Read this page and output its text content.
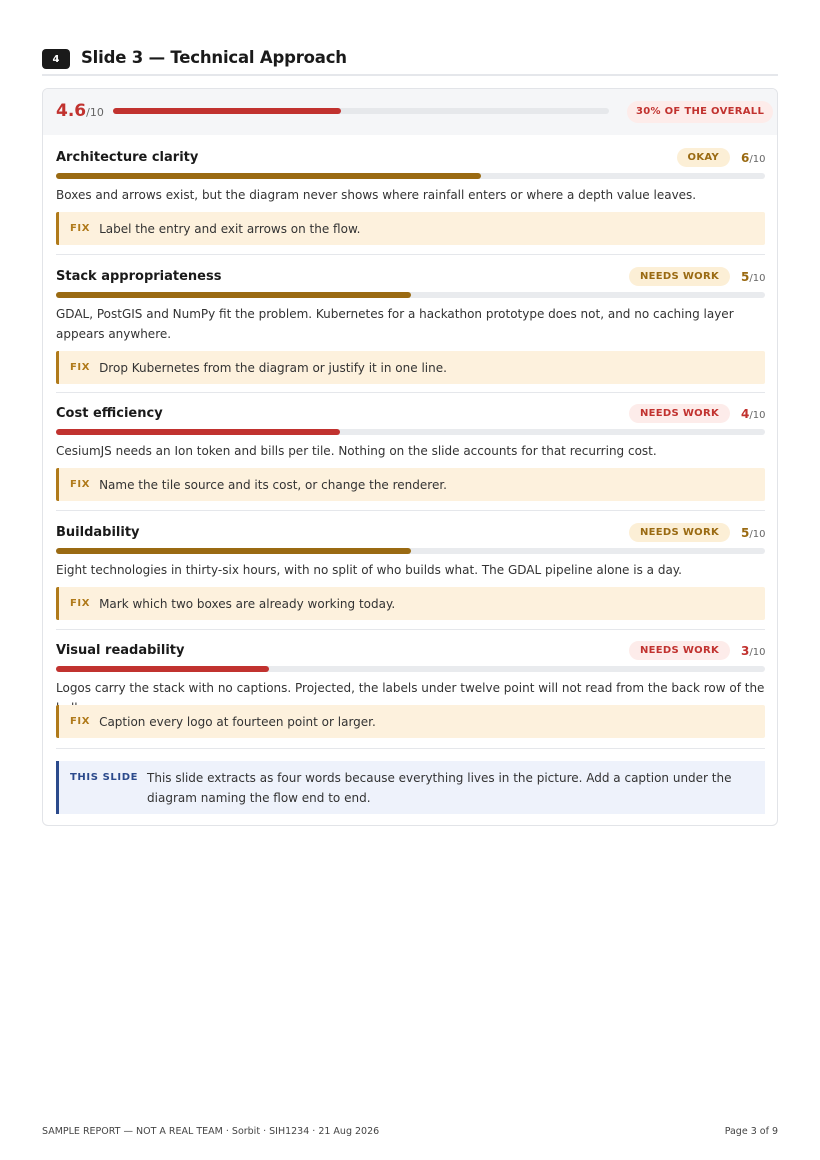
4	Slide 3 — Technical Approach
4.6/10	30% OF THE OVERALL
Architecture clarity	OKAY	6/10
Boxes and arrows exist, but the diagram never shows where rainfall enters or where a depth value leaves.
FIX Label the entry and exit arrows on the flow.
Stack appropriateness	NEEDS WORK	5/10
GDAL, PostGIS and NumPy fit the problem. Kubernetes for a hackathon prototype does not, and no caching layer appears anywhere.
FIX Drop Kubernetes from the diagram or justify it in one line.
Cost efficiency	NEEDS WORK	4/10
CesiumJS needs an Ion token and bills per tile. Nothing on the slide accounts for that recurring cost.
FIX Name the tile source and its cost, or change the renderer.
Buildability	NEEDS WORK	5/10
Eight technologies in thirty-six hours, with no split of who builds what. The GDAL pipeline alone is a day.
FIX Mark which two boxes are already working today.
Visual readability	NEEDS WORK	3/10
Logos carry the stack with no captions. Projected, the labels under twelve point will not read from the back row of the
FIX Caption every logo at fourteen point or larger.
THIS SLIDE This slide extracts as four words because everything lives in the picture. Add a caption under the diagram naming the flow end to end.
SAMPLE REPORT — NOT A REAL TEAM · Sorbit · SIH1234 · 21 Aug 2026	Page 3 of 9
